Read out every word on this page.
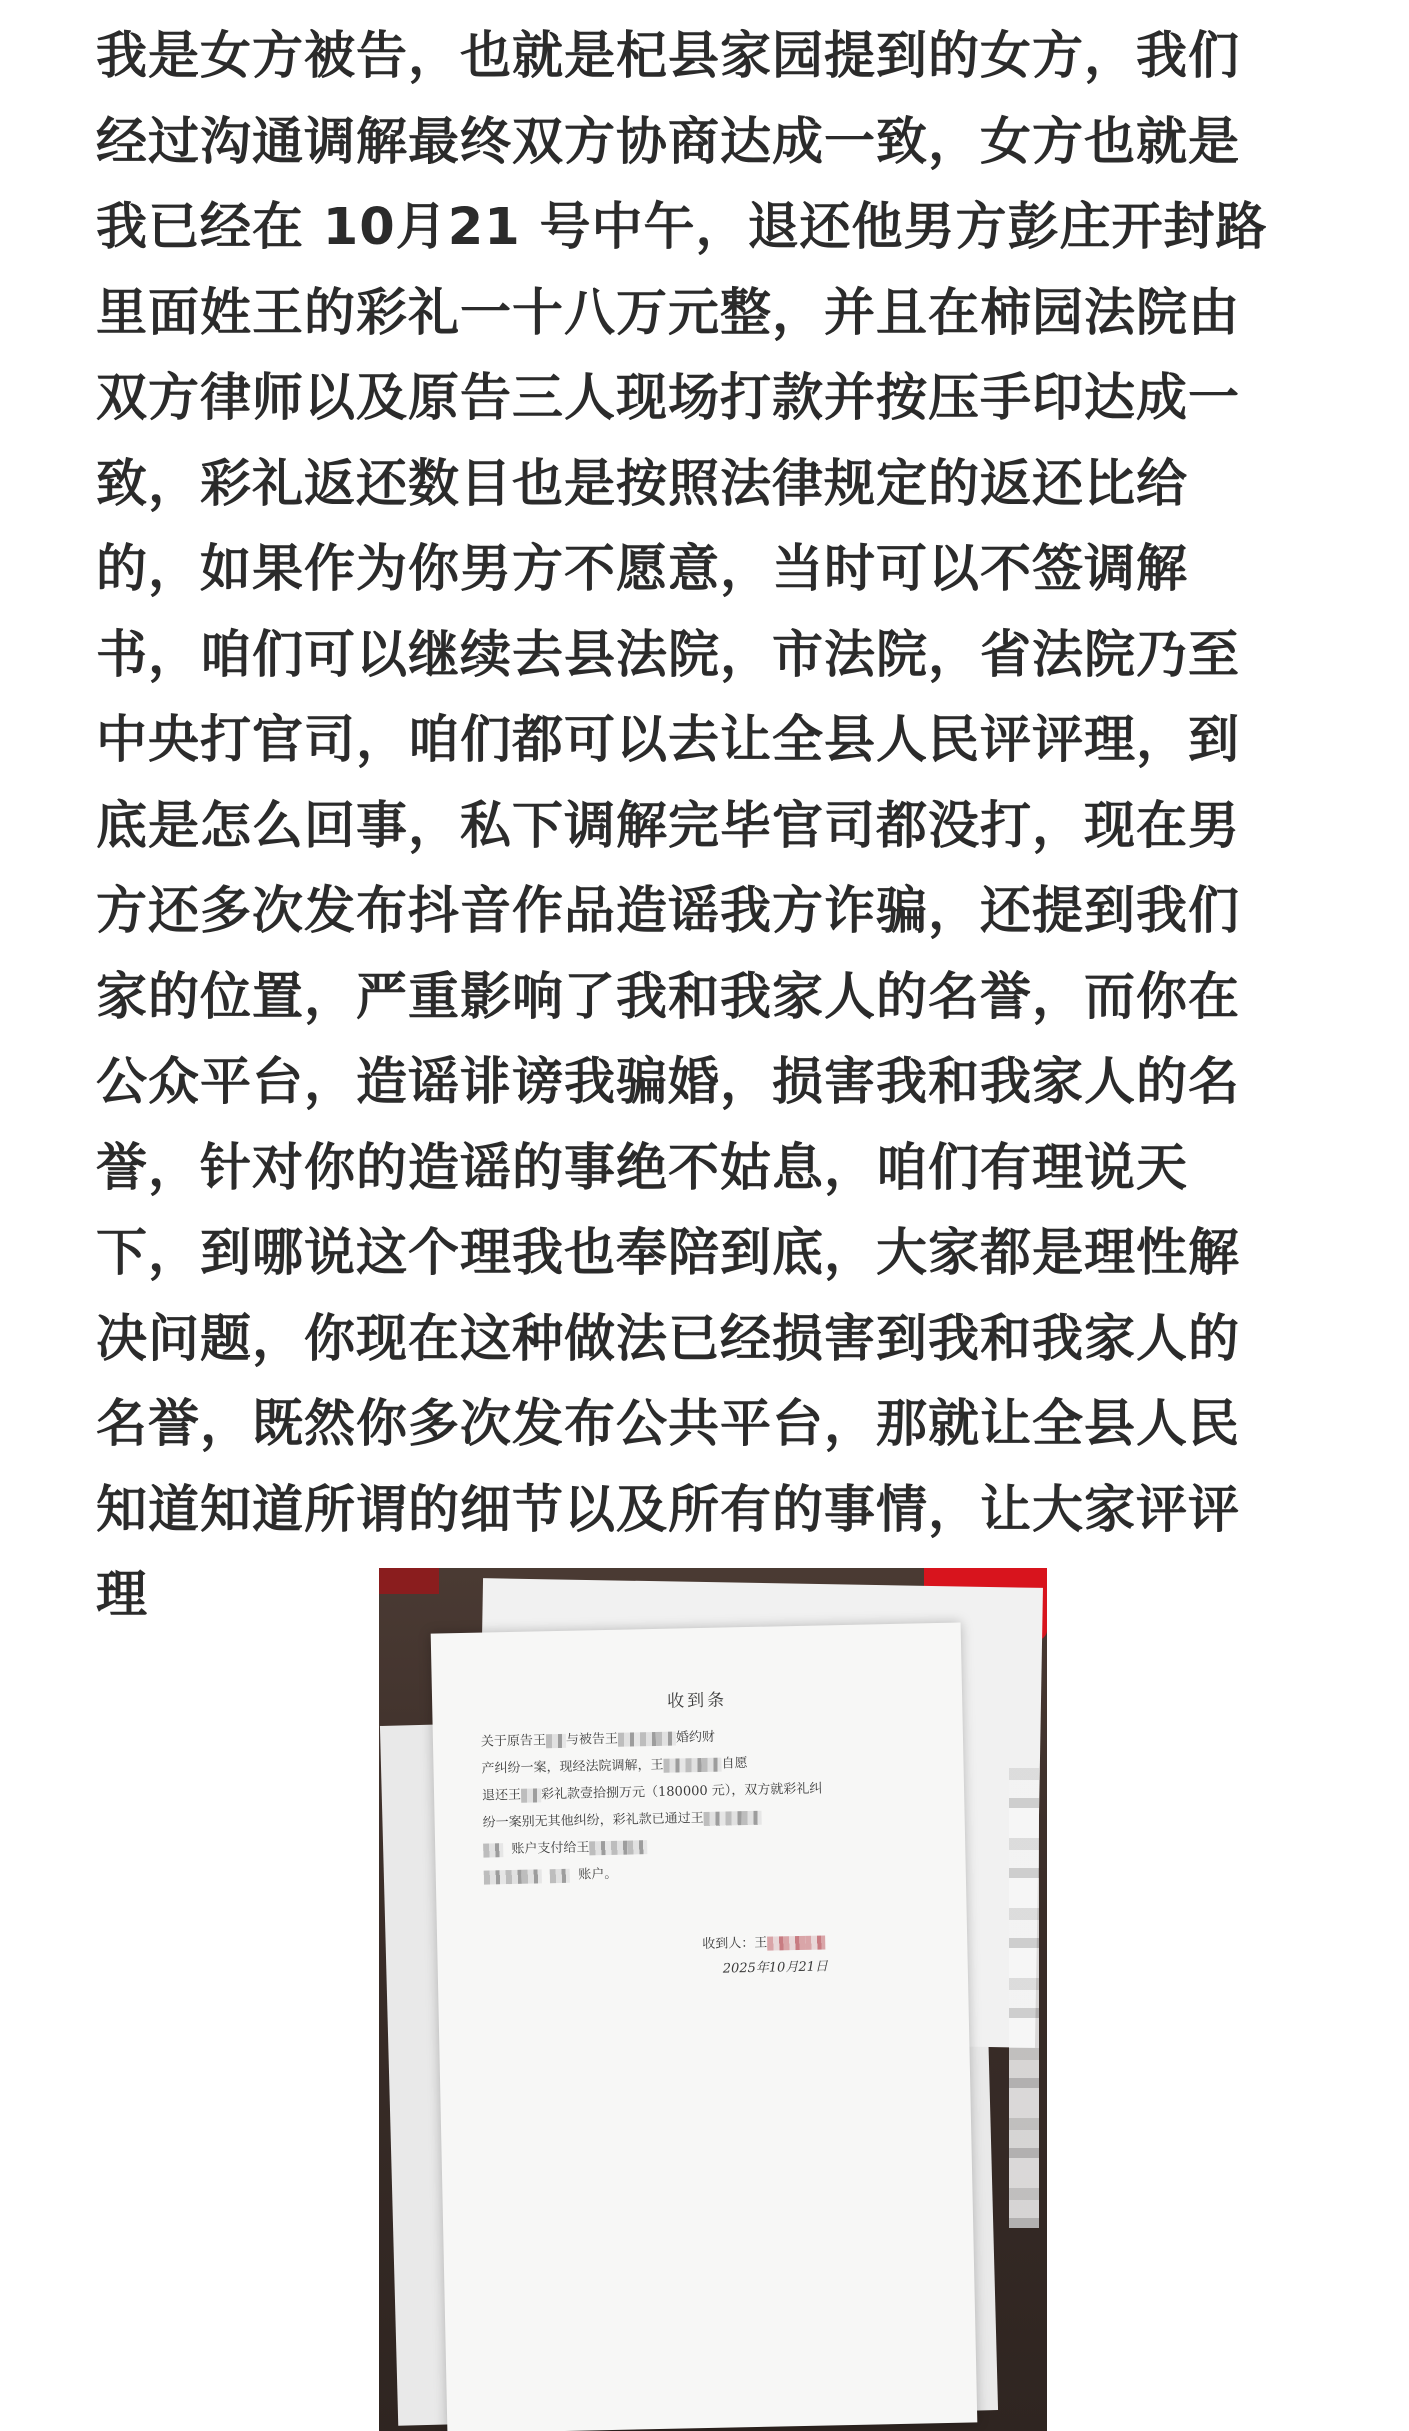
我是女方被告，也就是杞县家园提到的女方，我们
经过沟通调解最终双方协商达成一致，女方也就是
我已经在 10月21 号中午，退还他男方彭庄开封路
里面姓王的彩礼一十八万元整，并且在柿园法院由
双方律师以及原告三人现场打款并按压手印达成一
致，彩礼返还数目也是按照法律规定的返还比给
的，如果作为你男方不愿意，当时可以不签调解
书，咱们可以继续去县法院，市法院，省法院乃至
中央打官司，咱们都可以去让全县人民评评理，到
底是怎么回事，私下调解完毕官司都没打，现在男
方还多次发布抖音作品造谣我方诈骗，还提到我们
家的位置，严重影响了我和我家人的名誉，而你在
公众平台，造谣诽谤我骗婚，损害我和我家人的名
誉，针对你的造谣的事绝不姑息，咱们有理说天
下，到哪说这个理我也奉陪到底，大家都是理性解
决问题，你现在这种做法已经损害到我和我家人的
名誉，既然你多次发布公共平台，那就让全县人民
知道知道所谓的细节以及所有的事情，让大家评评
理
收到条
关于原告王 与被告王	婚约财
产纠纷一案，现经法院调解，王	自愿
退还王 彩礼款壹拾捌万元（180000 元），双方就彩礼纠
纷一案别无其他纠纷，彩礼款已通过王
账户支付给王
账户。
收到人：王
2025年10月21日
